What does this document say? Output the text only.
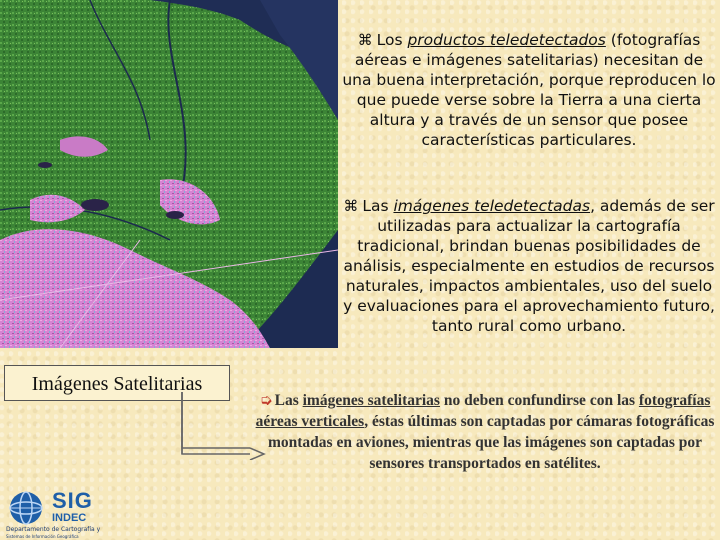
Imágenes Satelitarias
⌘ Los productos teledetectados (fotografías aéreas e imágenes satelitarias) necesitan de una buena interpretación, porque reproducen lo que puede verse sobre la Tierra a una cierta altura y a través de un sensor que posee características particulares.
⌘ Las imágenes teledetectadas, además de ser utilizadas para actualizar la cartografía tradicional, brindan buenas posibilidades de análisis, especialmente en estudios de recursos naturales, impactos ambientales, uso del suelo y evaluaciones para el aprovechamiento futuro, tanto rural como urbano.
➭ Las imágenes satelitarias no deben confundirse con las fotografías aéreas verticales, éstas últimas son captadas por cámaras fotográficas montadas en aviones, mientras que las imágenes son captadas por sensores transportados en satélites.
SIG
INDEC
Departamento de Cartografía y
Sistemas de Información Geográfica
